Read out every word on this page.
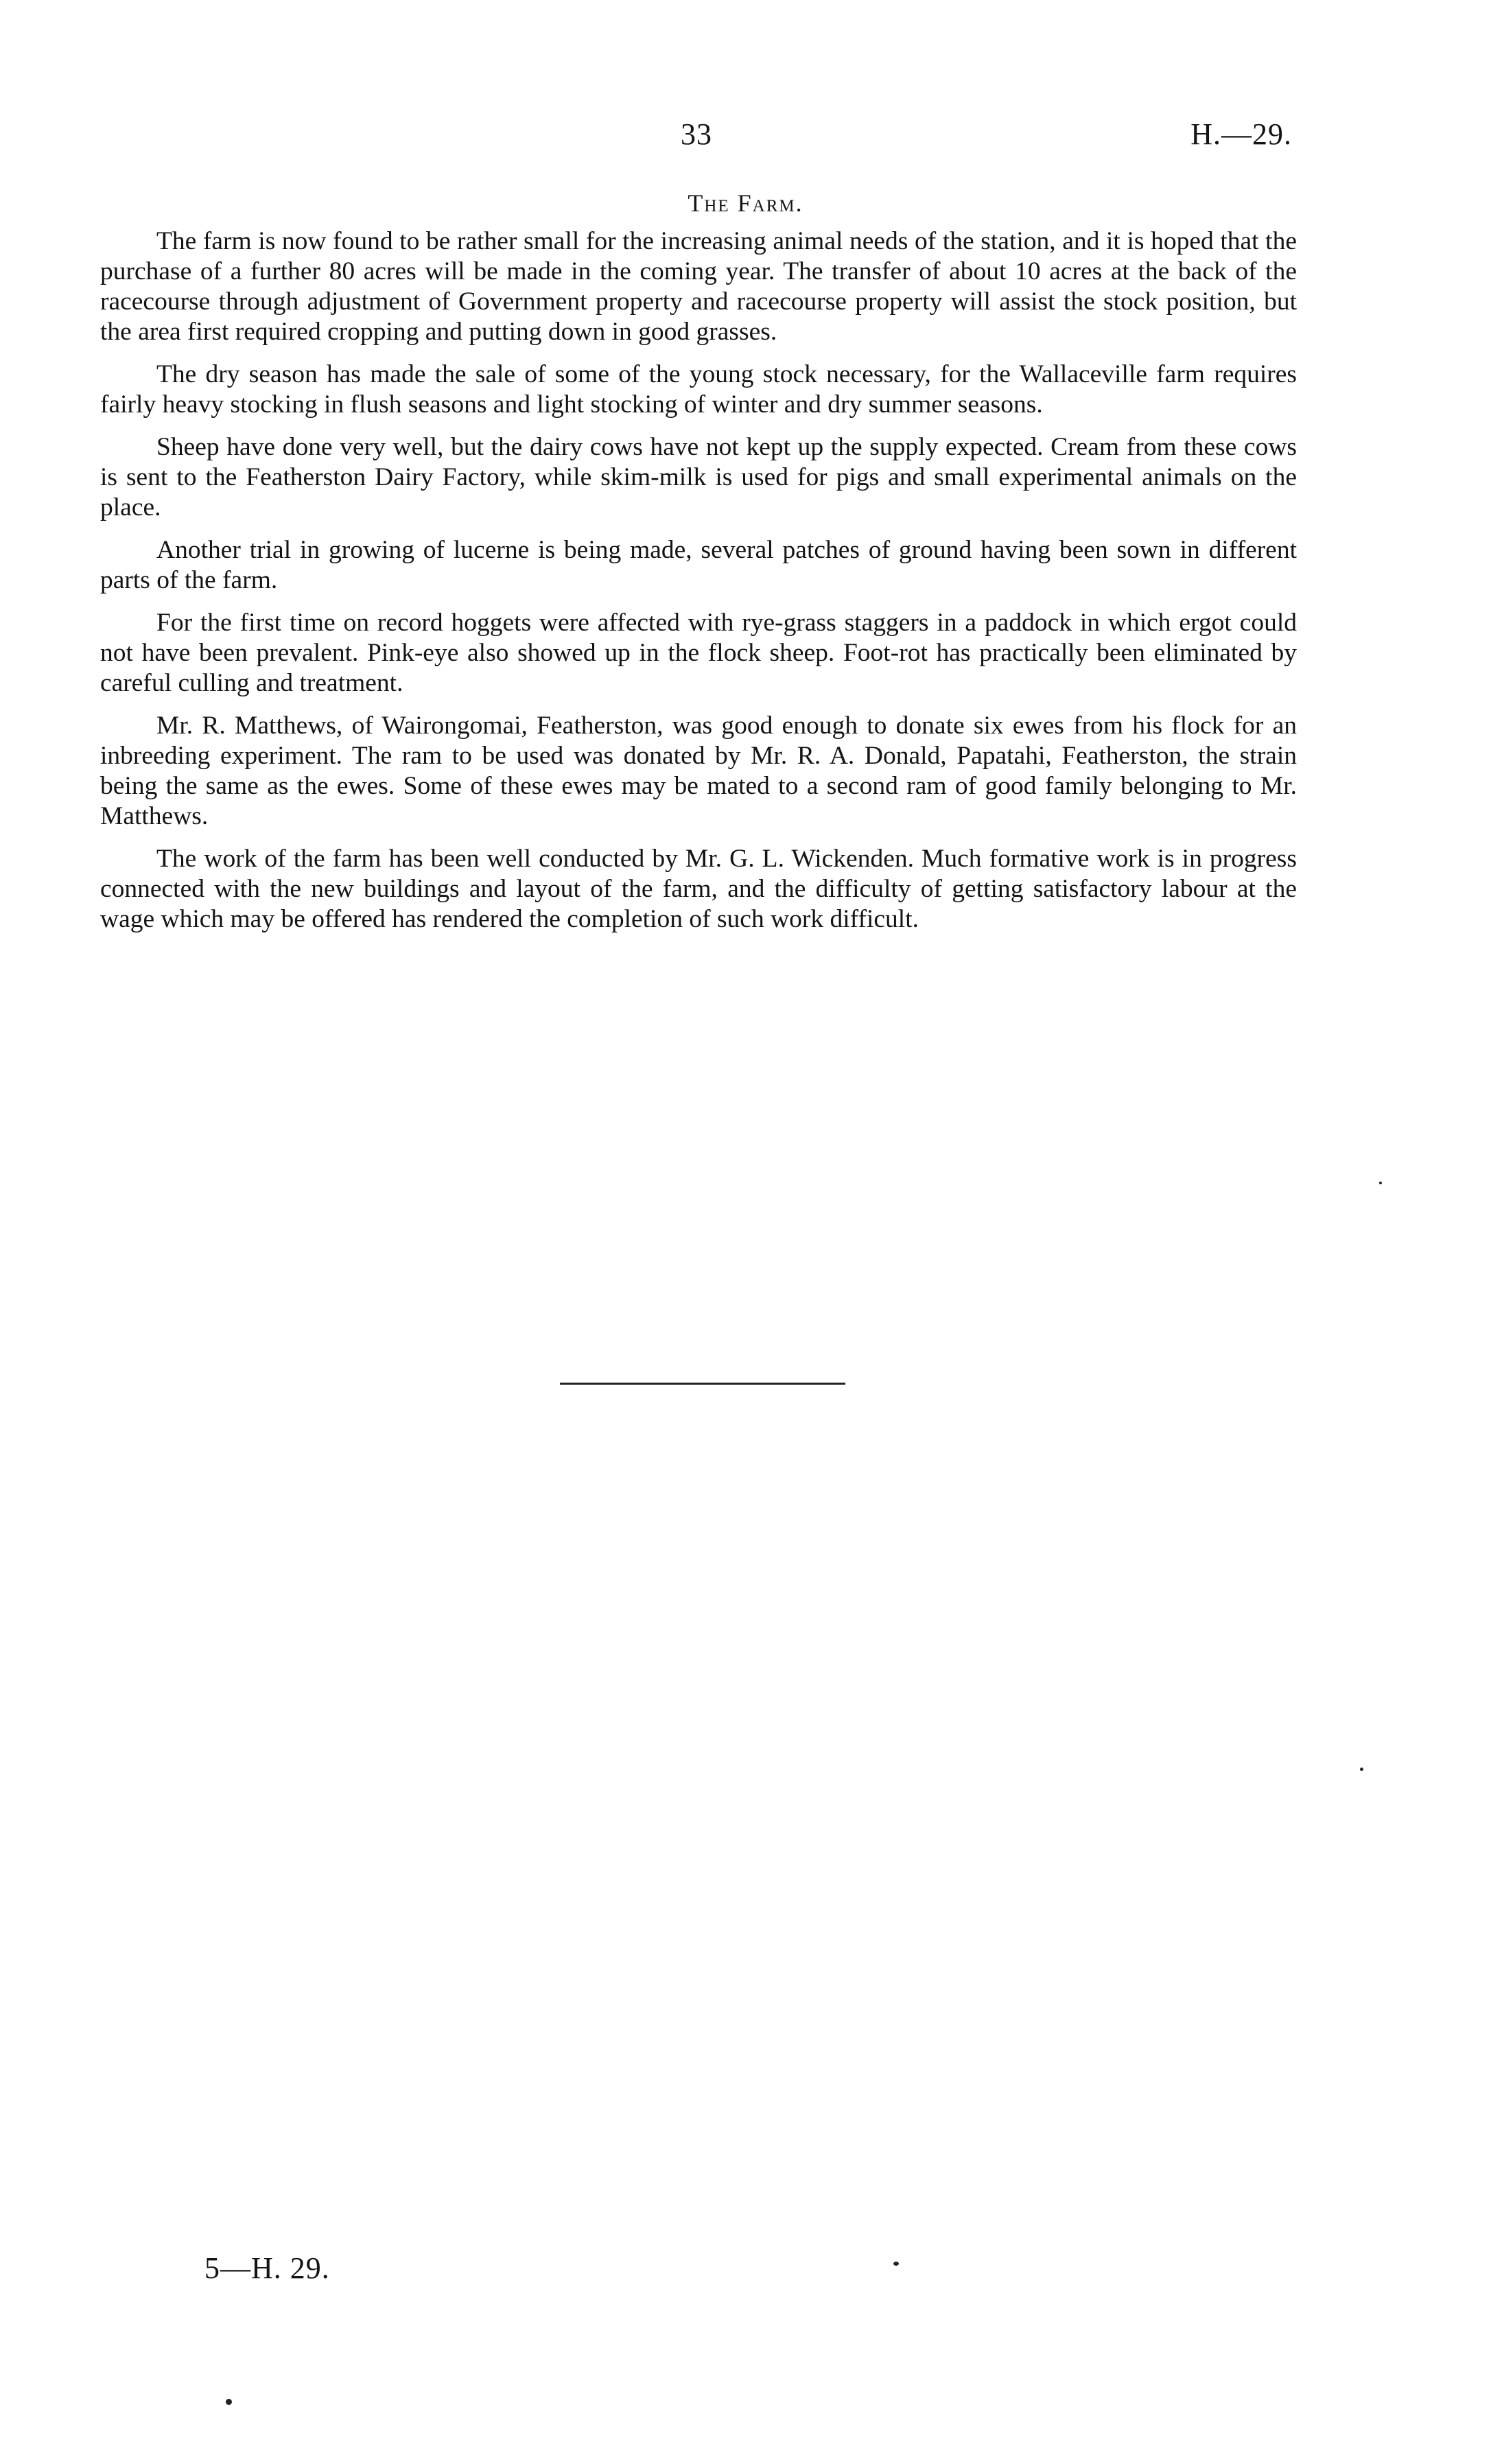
33	H.—29.
The Farm.

The farm is now found to be rather small for the increasing animal needs of the station, and it is hoped that the purchase of a further 80 acres will be made in the coming year. The transfer of about 10 acres at the back of the racecourse through adjustment of Government property and racecourse property will assist the stock position, but the area first required cropping and putting down in good grasses.

The dry season has made the sale of some of the young stock necessary, for the Wallaceville farm requires fairly heavy stocking in flush seasons and light stocking of winter and dry summer seasons.

Sheep have done very well, but the dairy cows have not kept up the supply expected. Cream from these cows is sent to the Featherston Dairy Factory, while skim-milk is used for pigs and small experimental animals on the place.

Another trial in growing of lucerne is being made, several patches of ground having been sown in different parts of the farm.

For the first time on record hoggets were affected with rye-grass staggers in a paddock in which ergot could not have been prevalent. Pink-eye also showed up in the flock sheep. Foot-rot has practically been eliminated by careful culling and treatment.

Mr. R. Matthews, of Wairongomai, Featherston, was good enough to donate six ewes from his flock for an inbreeding experiment. The ram to be used was donated by Mr. R. A. Donald, Papatahi, Featherston, the strain being the same as the ewes. Some of these ewes may be mated to a second ram of good family belonging to Mr. Matthews.

The work of the farm has been well conducted by Mr. G. L. Wickenden. Much formative work is in progress connected with the new buildings and layout of the farm, and the difficulty of getting satisfactory labour at the wage which may be offered has rendered the completion of such work difficult.

5—H. 29.
